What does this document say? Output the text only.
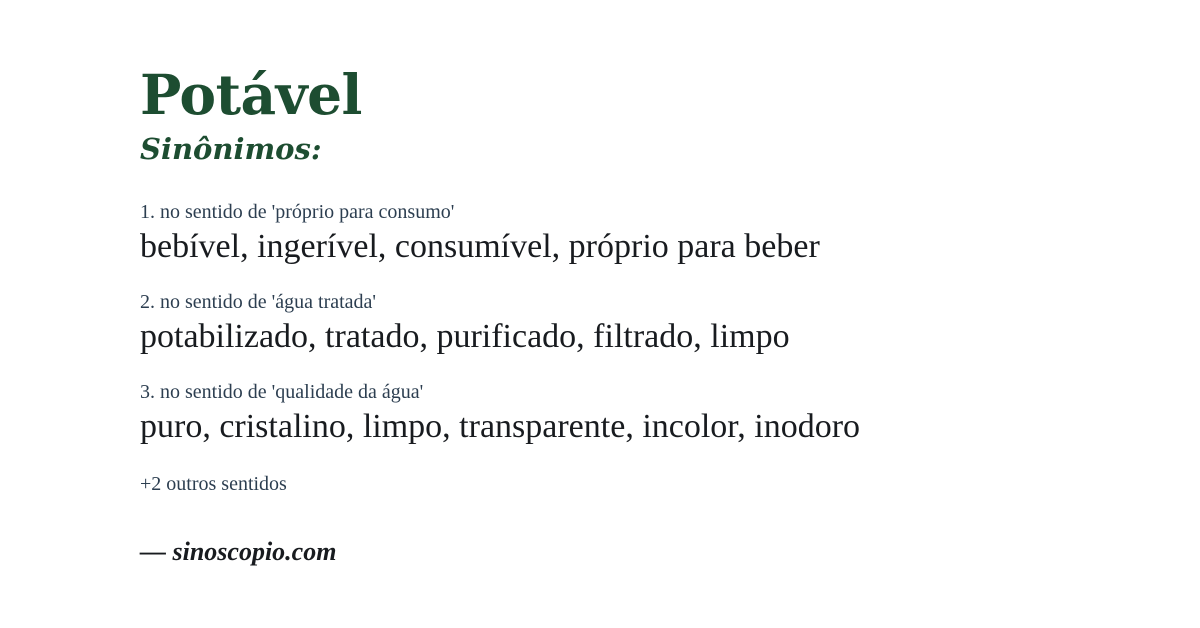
Potável
Sinônimos:
1. no sentido de 'próprio para consumo'
bebível, ingerível, consumível, próprio para beber
2. no sentido de 'água tratada'
potabilizado, tratado, purificado, filtrado, limpo
3. no sentido de 'qualidade da água'
puro, cristalino, limpo, transparente, incolor, inodoro
+2 outros sentidos
— sinoscopio.com
